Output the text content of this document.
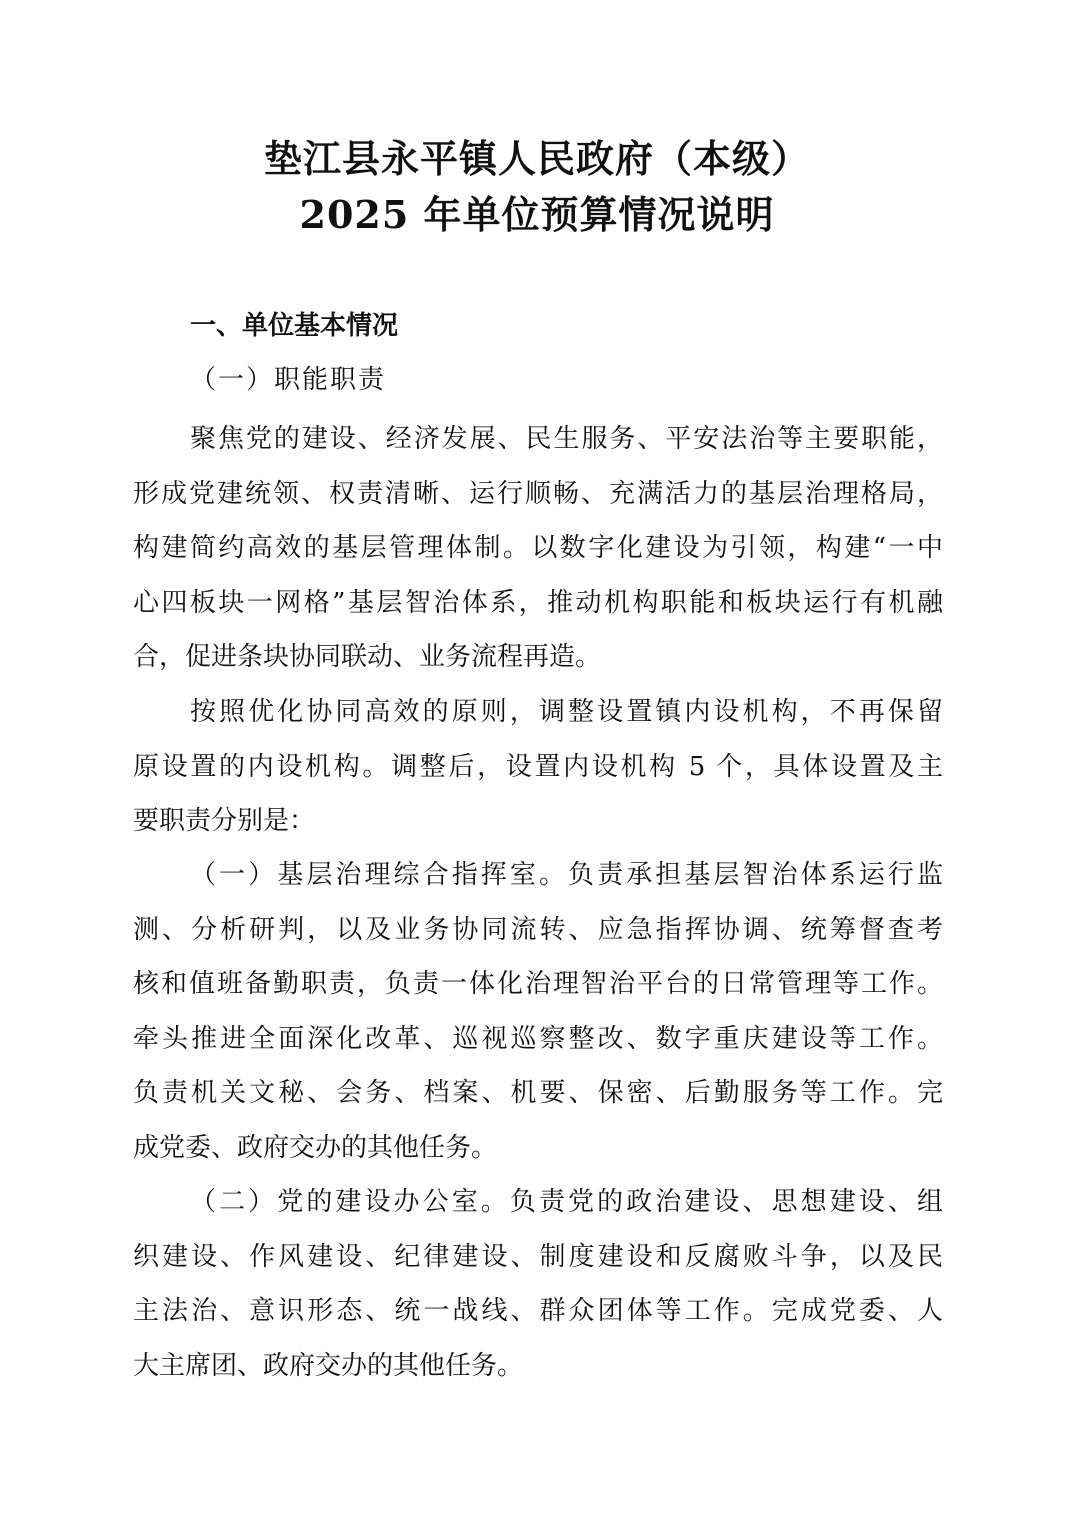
垫江县永平镇人民政府（本级）
2025 年单位预算情况说明
一、单位基本情况
（一）职能职责
聚焦党的建设、经济发展、民生服务、平安法治等主要职能，
形成党建统领、权责清晰、运行顺畅、充满活力的基层治理格局，
构建简约高效的基层管理体制。以数字化建设为引领，构建“一中
心四板块一网格”基层智治体系，推动机构职能和板块运行有机融
合，促进条块协同联动、业务流程再造。
按照优化协同高效的原则，调整设置镇内设机构，不再保留
原设置的内设机构。调整后，设置内设机构 5 个，具体设置及主
要职责分别是：
（一）基层治理综合指挥室。负责承担基层智治体系运行监
测、分析研判，以及业务协同流转、应急指挥协调、统筹督查考
核和值班备勤职责，负责一体化治理智治平台的日常管理等工作。
牵头推进全面深化改革、巡视巡察整改、数字重庆建设等工作。
负责机关文秘、会务、档案、机要、保密、后勤服务等工作。完
成党委、政府交办的其他任务。
（二）党的建设办公室。负责党的政治建设、思想建设、组
织建设、作风建设、纪律建设、制度建设和反腐败斗争，以及民
主法治、意识形态、统一战线、群众团体等工作。完成党委、人
大主席团、政府交办的其他任务。
